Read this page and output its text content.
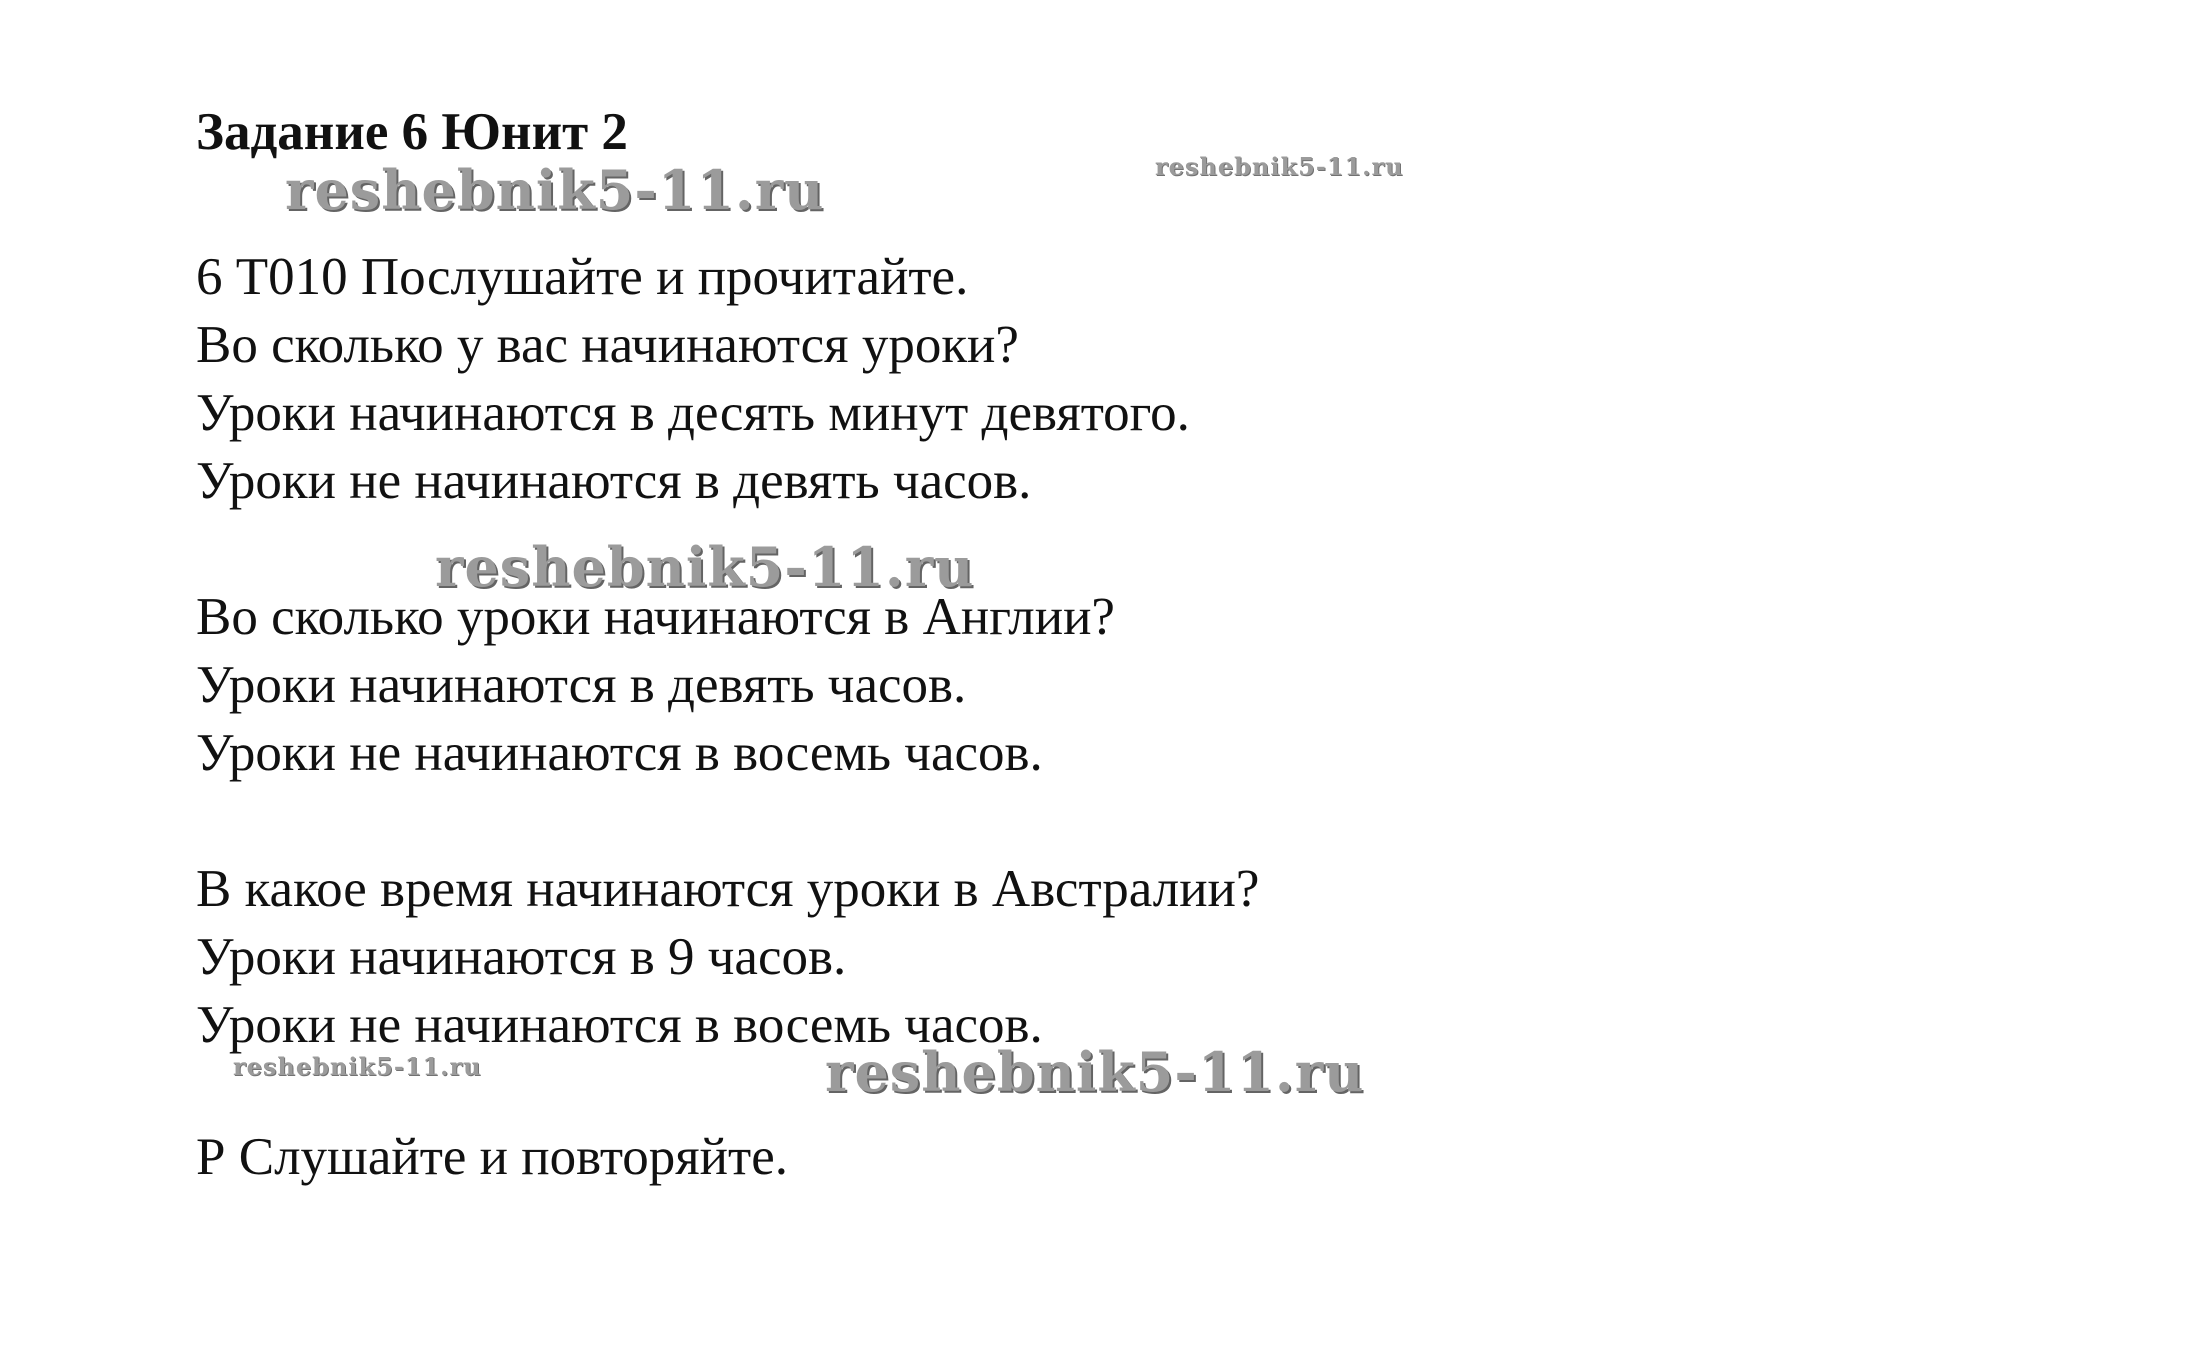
Задание 6 Юнит 2
reshebnik5-11.ru	reshebnik5-11.ru
6 Т010 Послушайте и прочитайте.
Во сколько у вас начинаются уроки?
Уроки начинаются в десять минут девятого.
Уроки не начинаются в девять часов.
reshebnik5-11.ru
Во сколько уроки начинаются в Англии?
Уроки начинаются в девять часов.
Уроки не начинаются в восемь часов.
В какое время начинаются уроки в Австралии?
Уроки начинаются в 9 часов.
Уроки не начинаются в восемь часов.
reshebnik5-11.ru	reshebnik5-11.ru
Р Слушайте и повторяйте.
